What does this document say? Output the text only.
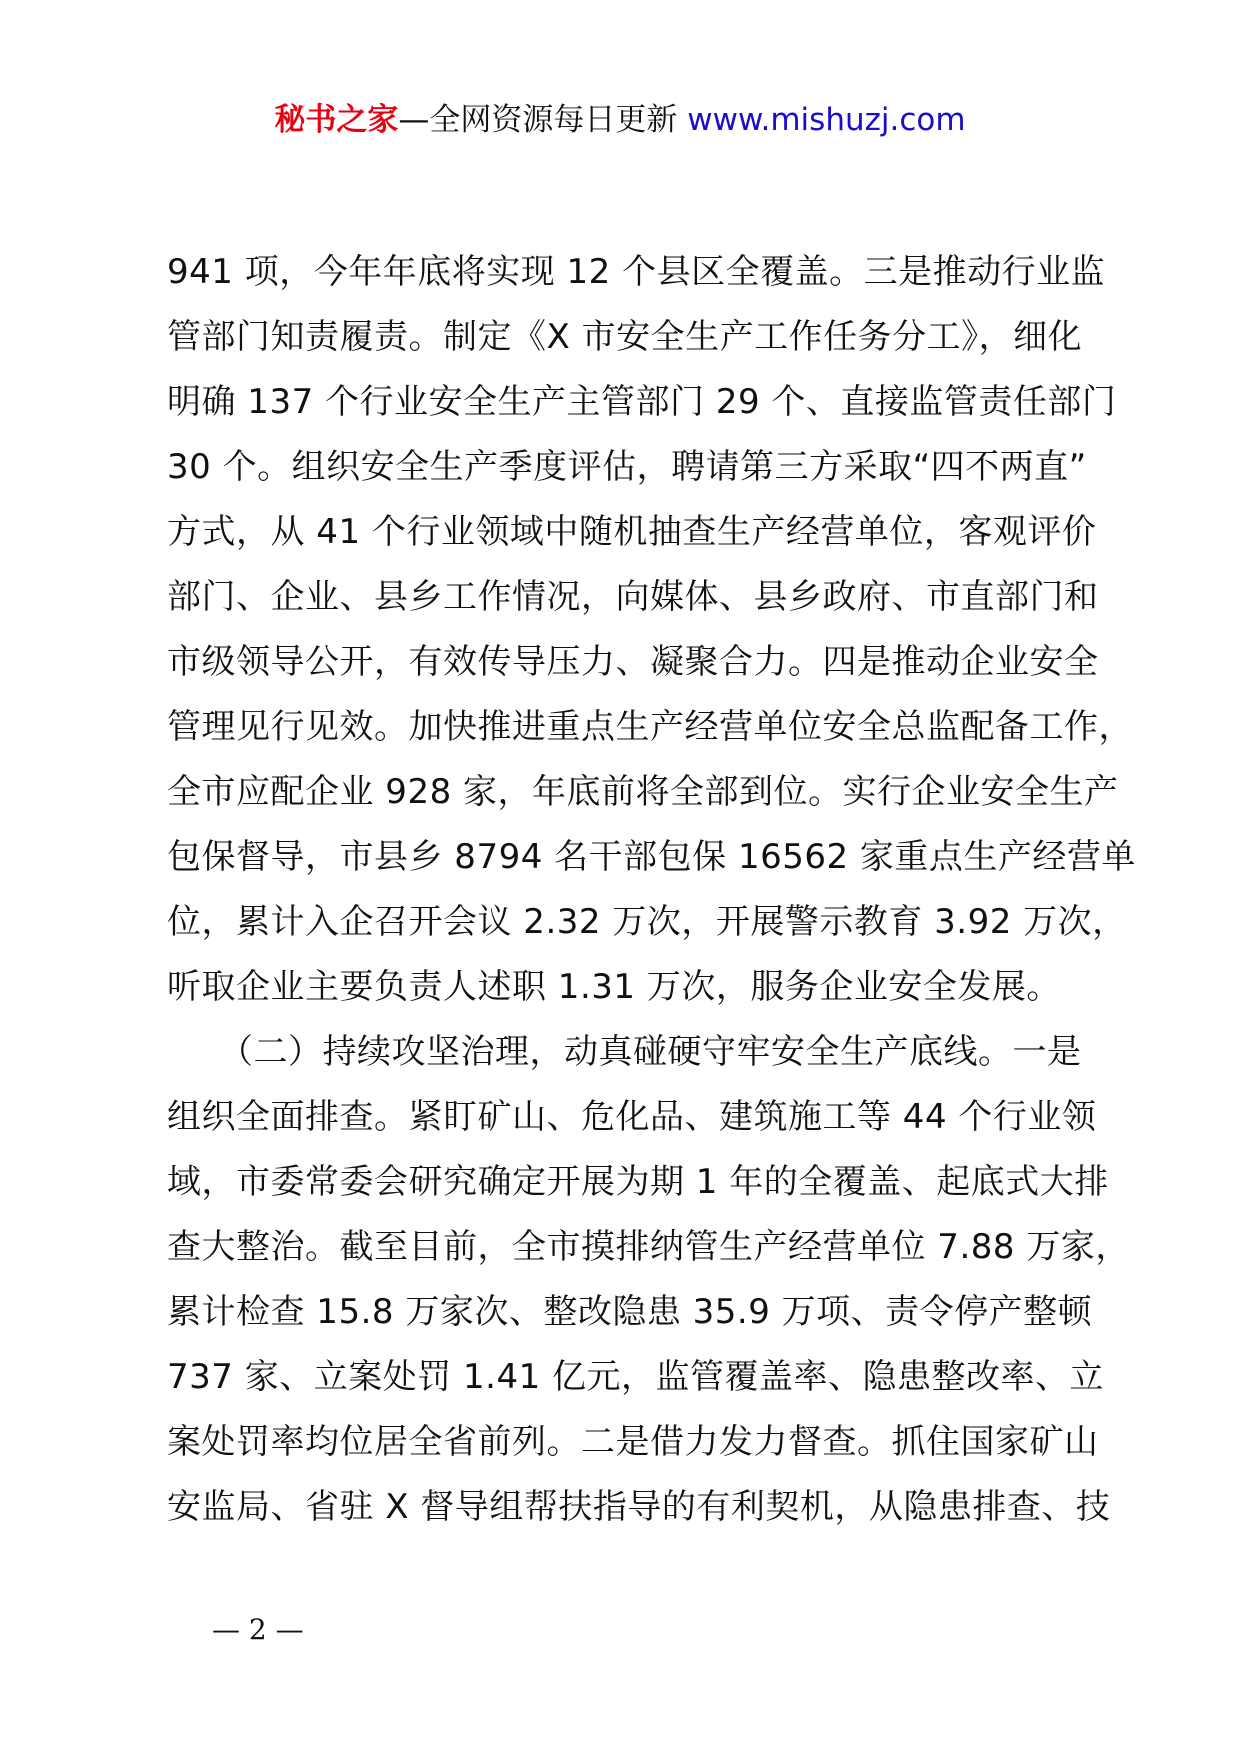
秘书之家—全网资源每日更新 www.mishuzj.com
941 项，今年年底将实现 12 个县区全覆盖。三是推动行业监
管部门知责履责。制定《X 市安全生产工作任务分工》，细化
明确 137 个行业安全生产主管部门 29 个、直接监管责任部门
30 个。组织安全生产季度评估，聘请第三方采取“四不两直”
方式，从 41 个行业领域中随机抽查生产经营单位，客观评价
部门、企业、县乡工作情况，向媒体、县乡政府、市直部门和
市级领导公开，有效传导压力、凝聚合力。四是推动企业安全
管理见行见效。加快推进重点生产经营单位安全总监配备工作，
全市应配企业 928 家，年底前将全部到位。实行企业安全生产
包保督导，市县乡 8794 名干部包保 16562 家重点生产经营单
位，累计入企召开会议 2.32 万次，开展警示教育 3.92 万次，
听取企业主要负责人述职 1.31 万次，服务企业安全发展。
　　（二）持续攻坚治理，动真碰硬守牢安全生产底线。一是
组织全面排查。紧盯矿山、危化品、建筑施工等 44 个行业领
域，市委常委会研究确定开展为期 1 年的全覆盖、起底式大排
查大整治。截至目前，全市摸排纳管生产经营单位 7.88 万家，
累计检查 15.8 万家次、整改隐患 35.9 万项、责令停产整顿
737 家、立案处罚 1.41 亿元，监管覆盖率、隐患整改率、立
案处罚率均位居全省前列。二是借力发力督查。抓住国家矿山
安监局、省驻 X 督导组帮扶指导的有利契机，从隐患排查、技
— 2 —
